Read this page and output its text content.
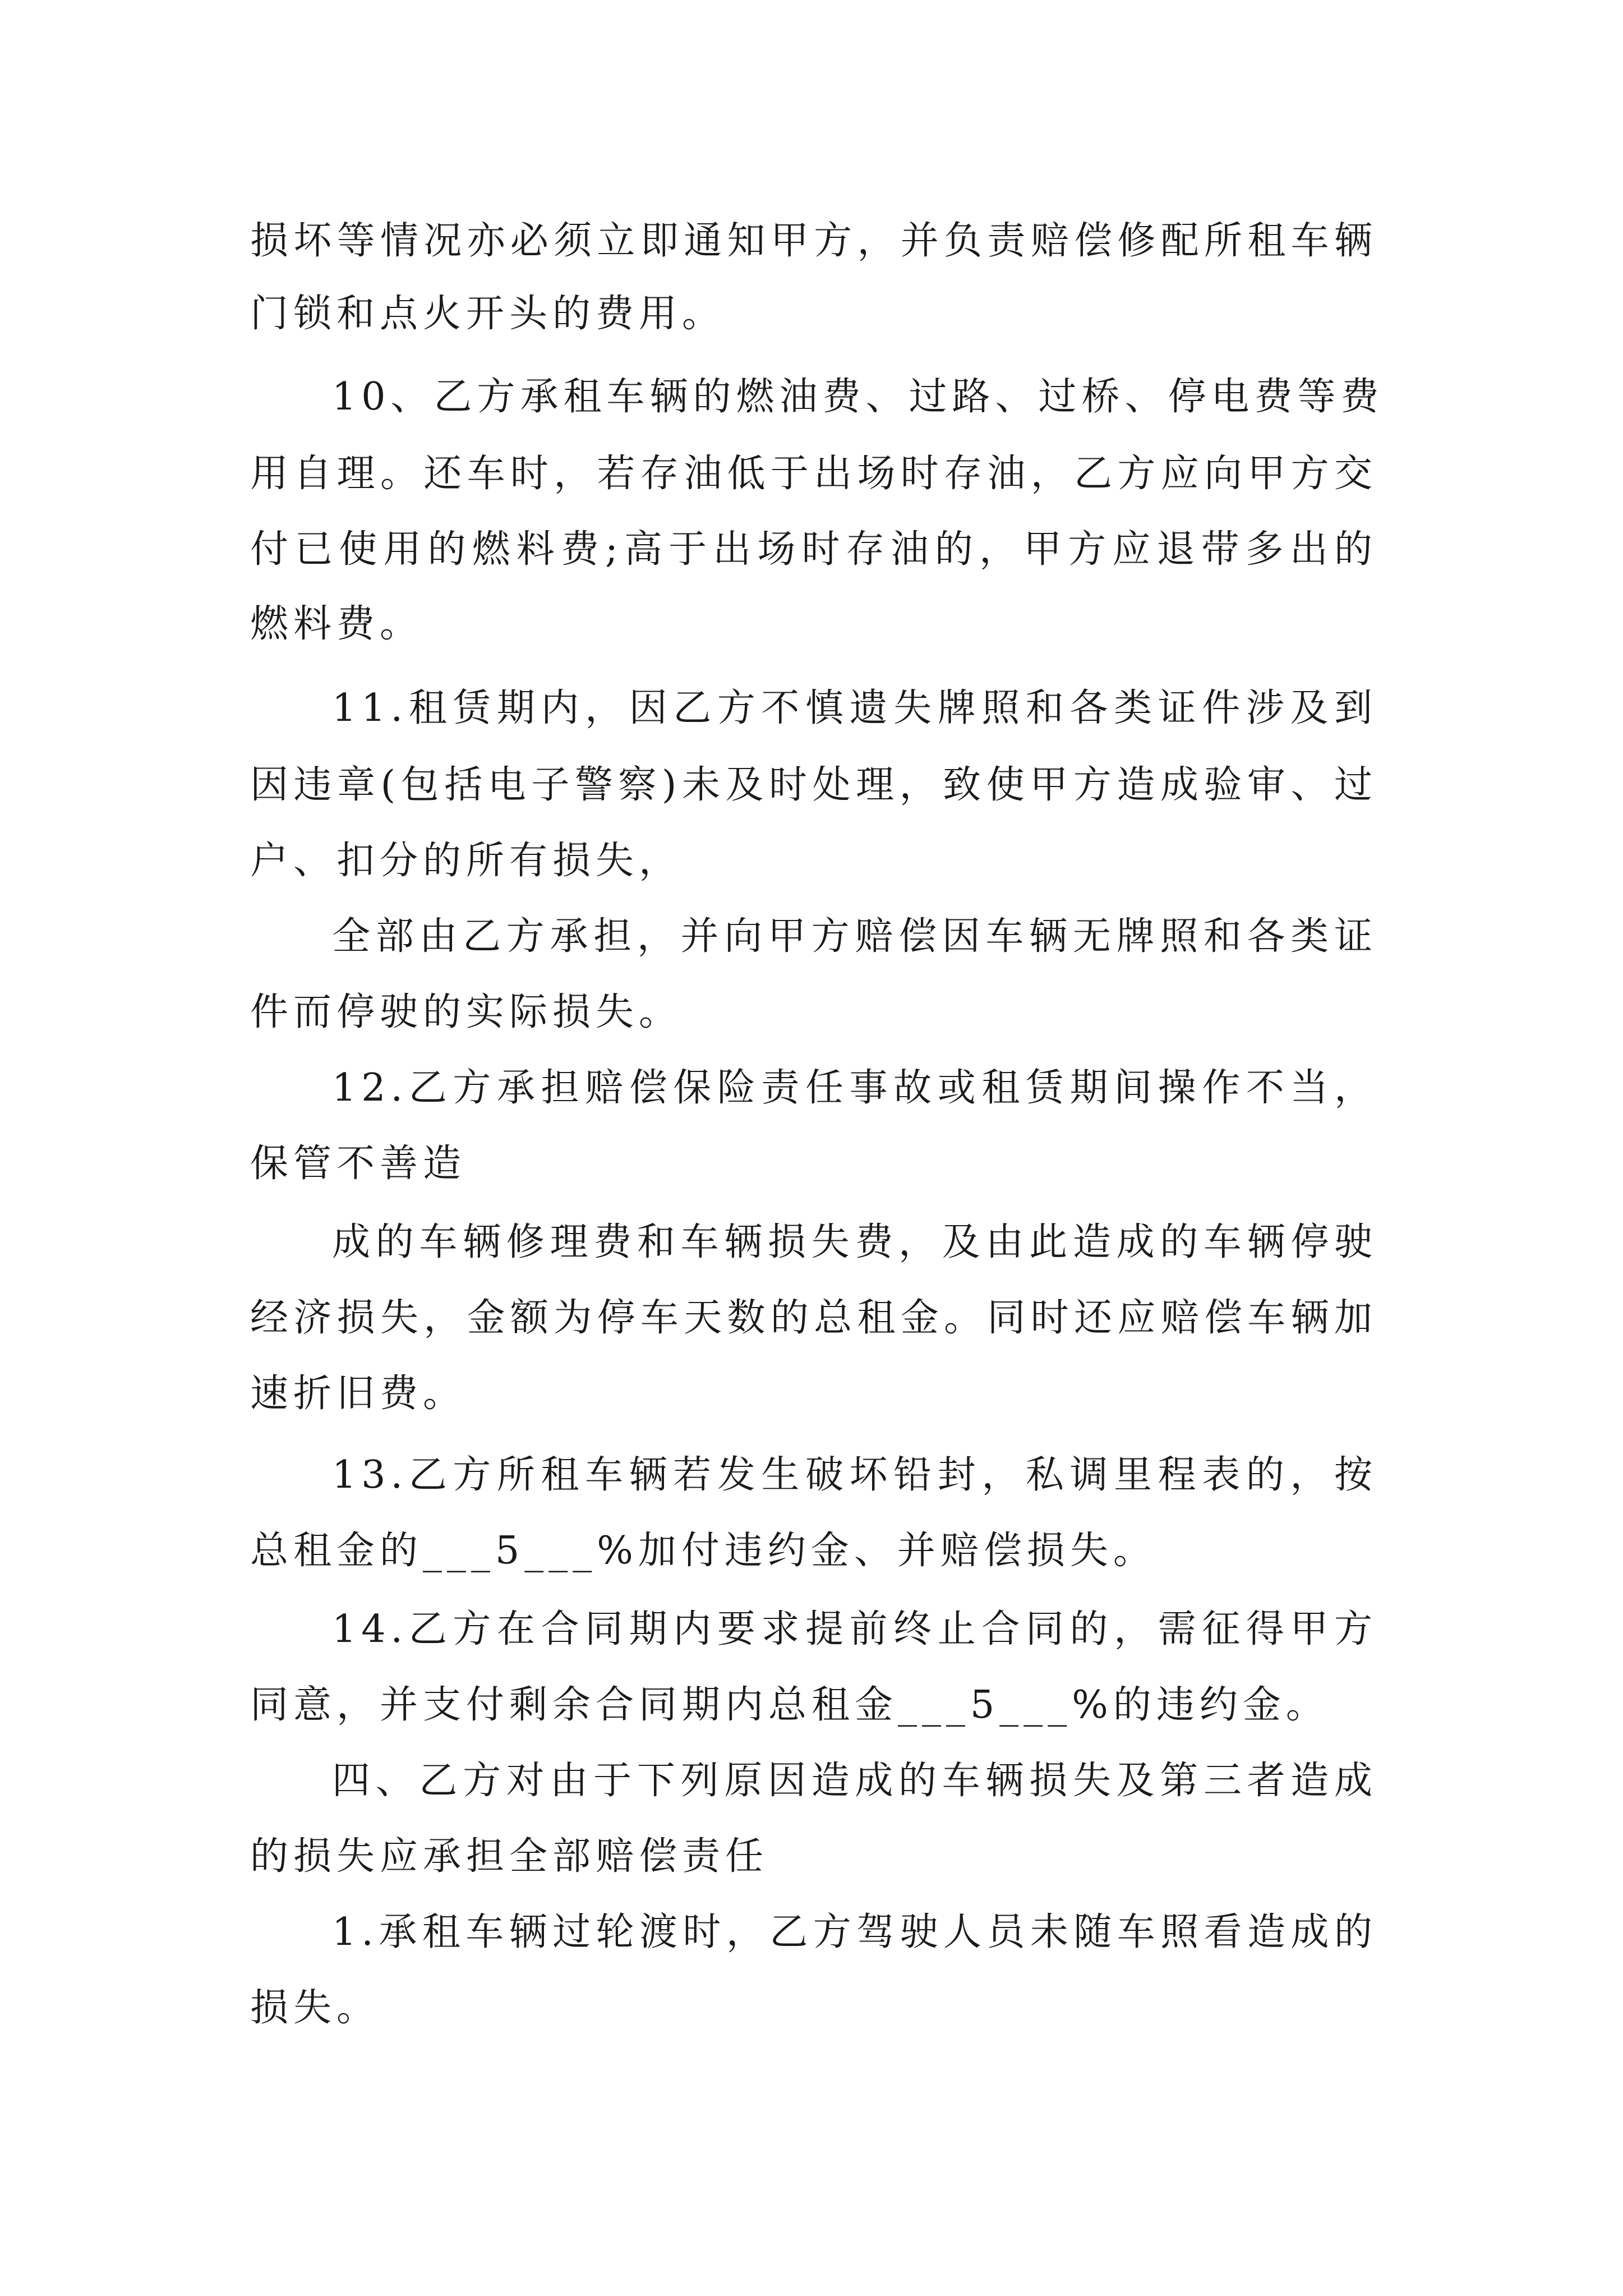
损坏等情况亦必须立即通知甲方，并负责赔偿修配所租车辆
门锁和点火开头的费用。
10、乙方承租车辆的燃油费、过路、过桥、停电费等费
用自理。还车时，若存油低于出场时存油，乙方应向甲方交
付已使用的燃料费;高于出场时存油的，甲方应退带多出的
燃料费。
11.租赁期内，因乙方不慎遗失牌照和各类证件涉及到
因违章(包括电子警察)未及时处理，致使甲方造成验审、过
户、扣分的所有损失，
全部由乙方承担，并向甲方赔偿因车辆无牌照和各类证
件而停驶的实际损失。
12.乙方承担赔偿保险责任事故或租赁期间操作不当，
保管不善造
成的车辆修理费和车辆损失费，及由此造成的车辆停驶
经济损失，金额为停车天数的总租金。同时还应赔偿车辆加
速折旧费。
13.乙方所租车辆若发生破坏铅封，私调里程表的，按
总租金的___5___%加付违约金、并赔偿损失。
14.乙方在合同期内要求提前终止合同的，需征得甲方
同意，并支付剩余合同期内总租金___5___%的违约金。
四、乙方对由于下列原因造成的车辆损失及第三者造成
的损失应承担全部赔偿责任
1.承租车辆过轮渡时，乙方驾驶人员未随车照看造成的
损失。
